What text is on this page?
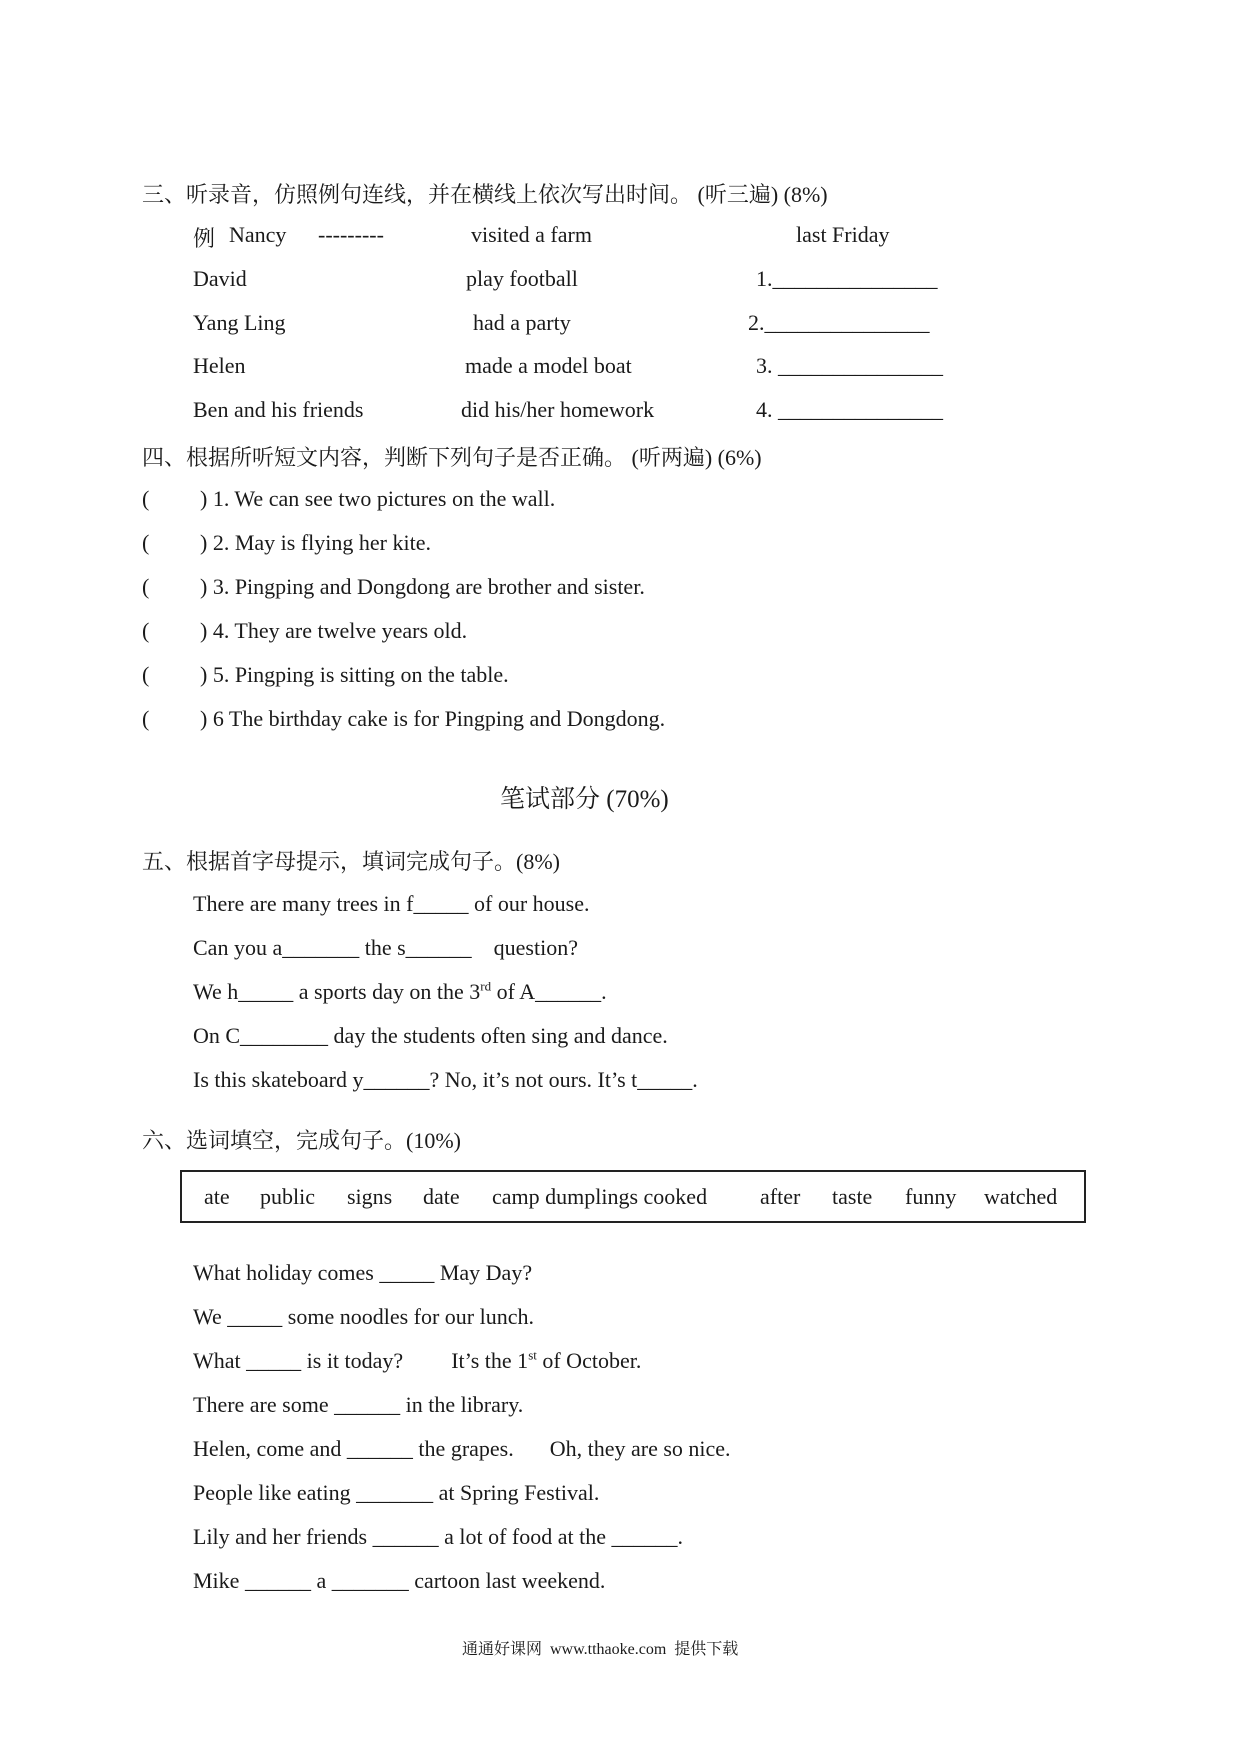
三、听录音，仿照例句连线，并在横线上依次写出时间。 (听三遍) (8%)
例 Nancy ---------	visited a farm	last Friday
David	play football	1._______________
Yang Ling	had a party	2._______________
Helen	made a model boat	3. _______________
Ben and his friends	did his/her homework	4. _______________
四、根据所听短文内容，判断下列句子是否正确。 (听两遍) (6%)
( ) 1. We can see two pictures on the wall.
( ) 2. May is flying her kite.
( ) 3. Pingping and Dongdong are brother and sister.
( ) 4. They are twelve years old.
( ) 5. Pingping is sitting on the table.
( ) 6 The birthday cake is for Pingping and Dongdong.
笔试部分 (70%)
五、根据首字母提示，填词完成句子。(8%)
There are many trees in f_____ of our house.
Can you a_______ the s______    question?
We h_____ a sports day on the 3rd of A______.
On C________ day the students often sing and dance.
Is this skateboard y______? No, it’s not ours. It’s t_____.
六、选词填空，完成句子。(10%)
ate public signs date camp dumplings cooked after taste funny watched
What holiday comes _____ May Day?
We _____ some noodles for our lunch.
What _____ is it today? It’s the 1st of October.
There are some ______ in the library.
Helen, come and ______ the grapes. Oh, they are so nice.
People like eating _______ at Spring Festival.
Lily and her friends ______ a lot of food at the ______.
Mike ______ a _______ cartoon last weekend.
通通好课网  www.tthaoke.com  提供下载
